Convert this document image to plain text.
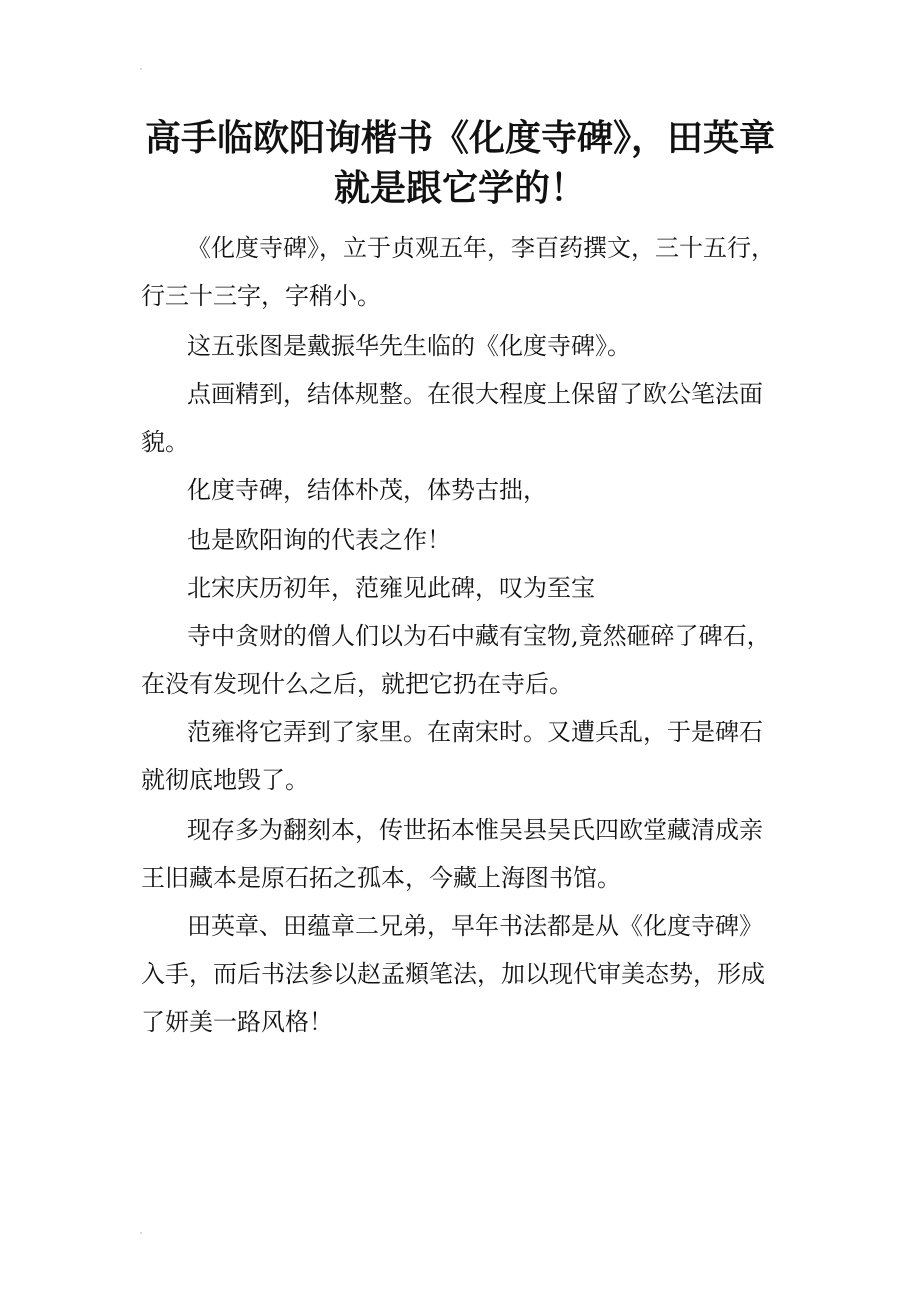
高手临欧阳询楷书《化度寺碑》，田英章
就是跟它学的！

《化度寺碑》，立于贞观五年，李百药撰文，三十五行，

行三十三字，字稍小。

这五张图是戴振华先生临的《化度寺碑》。

点画精到，结体规整。在很大程度上保留了欧公笔法面

貌。

化度寺碑，结体朴茂，体势古拙，

也是欧阳询的代表之作！

北宋庆历初年，范雍见此碑，叹为至宝

寺中贪财的僧人们以为石中藏有宝物,竟然砸碎了碑石，

在没有发现什么之后，就把它扔在寺后。

范雍将它弄到了家里。在南宋时。又遭兵乱，于是碑石

就彻底地毁了。

现存多为翻刻本，传世拓本惟吴县吴氏四欧堂藏清成亲

王旧藏本是原石拓之孤本，今藏上海图书馆。

田英章、田蕴章二兄弟，早年书法都是从《化度寺碑》

入手，而后书法参以赵孟頫笔法，加以现代审美态势，形成

了妍美一路风格！
